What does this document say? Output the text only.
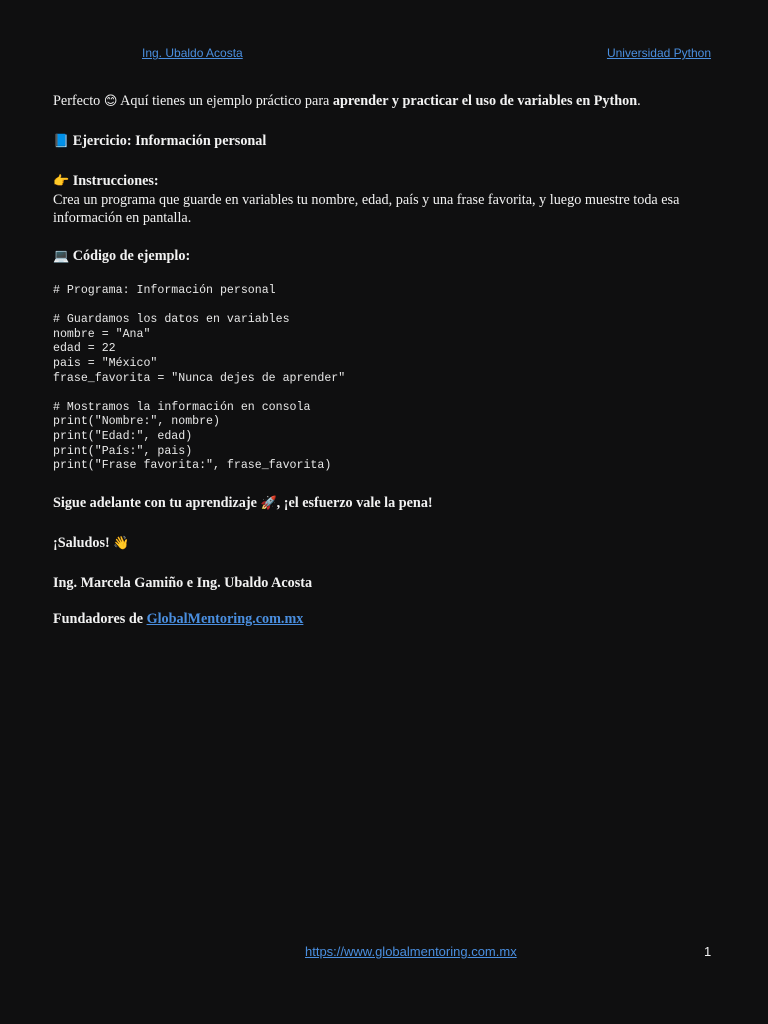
Ing. Ubaldo Acosta	Universidad Python

Perfecto 😊 Aquí tienes un ejemplo práctico para aprender y practicar el uso de variables en Python.

📘 Ejercicio: Información personal

👉 Instrucciones:

Crea un programa que guarde en variables tu nombre, edad, país y una frase favorita, y luego muestre toda esa información en pantalla.

💻 Código de ejemplo:

# Programa: Información personal

# Guardamos los datos en variables
nombre = "Ana"
edad = 22
pais = "México"
frase_favorita = "Nunca dejes de aprender"

# Mostramos la información en consola
print("Nombre:", nombre)
print("Edad:", edad)
print("País:", pais)
print("Frase favorita:", frase_favorita)

Sigue adelante con tu aprendizaje 🚀, ¡el esfuerzo vale la pena!

¡Saludos! 👋

Ing. Marcela Gamiño e Ing. Ubaldo Acosta

Fundadores de GlobalMentoring.com.mx

https://www.globalmentoring.com.mx	1
